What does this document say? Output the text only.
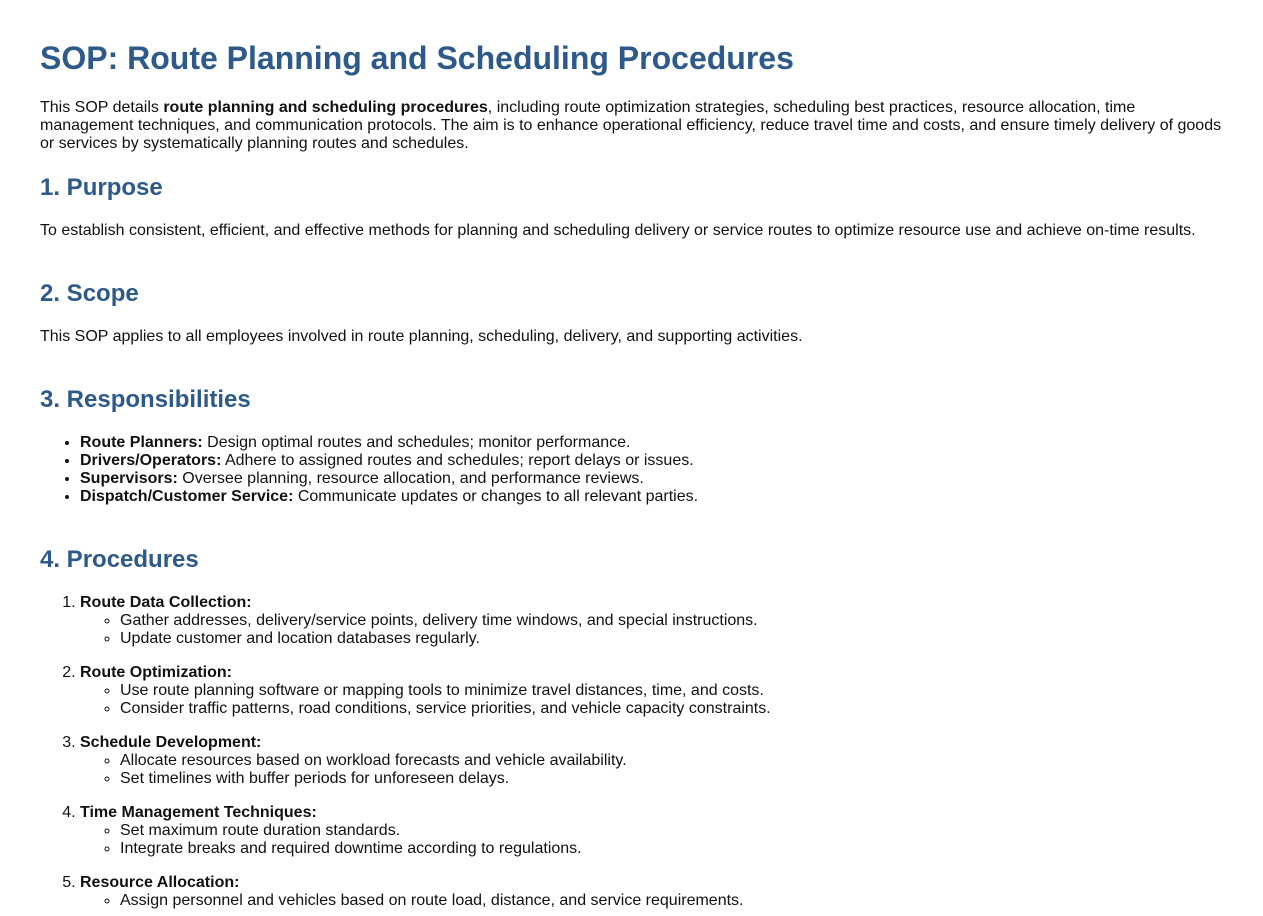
SOP: Route Planning and Scheduling Procedures

This SOP details route planning and scheduling procedures, including route optimization strategies, scheduling best practices, resource allocation, time management techniques, and communication protocols. The aim is to enhance operational efficiency, reduce travel time and costs, and ensure timely delivery of goods or services by systematically planning routes and schedules.

1. Purpose

To establish consistent, efficient, and effective methods for planning and scheduling delivery or service routes to optimize resource use and achieve on-time results.

2. Scope

This SOP applies to all employees involved in route planning, scheduling, delivery, and supporting activities.

3. Responsibilities
• Route Planners: Design optimal routes and schedules; monitor performance.
• Drivers/Operators: Adhere to assigned routes and schedules; report delays or issues.
• Supervisors: Oversee planning, resource allocation, and performance reviews.
• Dispatch/Customer Service: Communicate updates or changes to all relevant parties.
4. Procedures
1. Route Data Collection:
◦ Gather addresses, delivery/service points, delivery time windows, and special instructions.
◦ Update customer and location databases regularly.
2. Route Optimization:
◦ Use route planning software or mapping tools to minimize travel distances, time, and costs.
◦ Consider traffic patterns, road conditions, service priorities, and vehicle capacity constraints.
3. Schedule Development:
◦ Allocate resources based on workload forecasts and vehicle availability.
◦ Set timelines with buffer periods for unforeseen delays.
4. Time Management Techniques:
◦ Set maximum route duration standards.
◦ Integrate breaks and required downtime according to regulations.
5. Resource Allocation:
◦ Assign personnel and vehicles based on route load, distance, and service requirements.
